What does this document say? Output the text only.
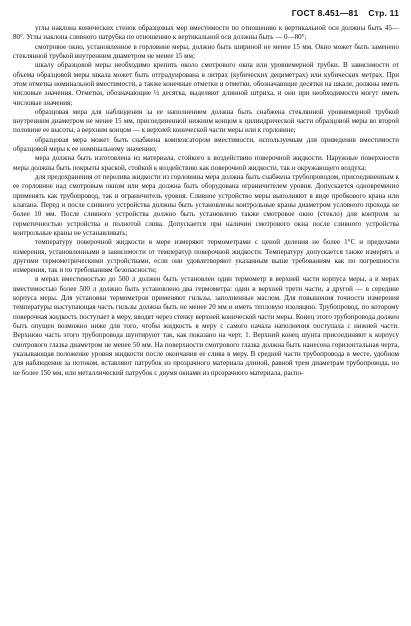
ГОСТ 8.451—81 Стр. 11

углы наклона конических стенок образцовых мер вместимости по отношению к вертикальной оси должны быть 45—80°. Углы наклона сливного патрубка по отношению к вертикальной оси должны быть — 0—80°;

смотровое окно, установленное в горловине меры, должно быть шириной не менее 15 мм. Окно может быть заменено стеклянной трубкой внутренним диаметром не менее 15 мм;

шкалу образцовой меры необходимо крепить около смотрового окна или уровнемерной трубки. В зависимости от объема образцовой меры шкала может быть отградуирована в литрах (кубических дециметрах) или кубических метрах. При этом отметка номинальной вместимости, а также конечные отметки и отметки, обозначающие десятки на шкале, должны иметь числовые значения. Отметки, обозначающие ½ десятка, выделяют длинной штриха, и они при необходимости могут иметь числовые значения;

образцовая мера для наблюдения за ее наполнением должна быть снабжена стеклянной уровнемерной трубкой внутренним диаметром не менее 15 мм, присоединенной нижним концом к цилиндрической части образцовой меры во второй половине ее высоты, а верхним концом — к верхней конической части меры или к горловине;

образцовая мера может быть снабжена компенсатором вместимости, используемым для приведения вместимости образцовой меры к ее номинальному значению;

мера должна быть изготовлена из материала, стойкого к воздействию поверочной жидкости. Наружные поверхности меры должны быть покрыты краской, стойкой к воздействию как поверочной жидкости, так и окружающего воздуха;

для предохранения от перелива жидкости из горловины мера должна быть снабжена трубопроводом, присоединенным к ее горловине над смотровым окном или мера должна быть оборудована ограничителем уровня. Допускается одновременно применять как трубопровод, так и ограничитель уровня. Сливное устройство меры выполняют в виде пробкового крана или клапана. Перед и после сливного устройства должны быть установлены контрольные краны диаметром условного прохода не более 10 мм. После сливного устройства должно быть установлено также смотровое окно (стекло) для контроля за герметичностью устройства и полнотой слива. Допускается при наличии смотрового окна после сливного устройства контрольные краны не устанавливать;

температуру поверочной жидкости в мере измеряют термометрами с ценой деления не более 1°С и пределами измерения, установленными в зависимости от температур поверочной жидкости. Температуру допускается также измерять и другими термометрическими устройствами, если они удовлетворяют указанным выше требованиям как по погрешности измерения, так и по требованиям безопасности;

в мерах вместимостью до 500 л должен быть установлен один термометр в верхней части корпуса меры, а в мерах вместимостью более 500 л должно быть установлено два термометра: один в верхней трети части, а другой — в середине корпуса меры. Для установки термометров применяют гильзы, заполненные маслом. Для повышения точности измерения температуры выступающая часть гильзы должна быть не менее 20 мм и иметь тепловую изоляцию. Трубопровод, по которому поверочная жидкость поступает в меру, вводят через стенку верхней конической части меры. Конец этого трубопровода должен быть опущен возможно ниже для того, чтобы жидкость в меру с самого начала наполнения поступала с нижней части. Верхнюю часть этого трубопровода шунтируют так, как показано на черт. 1. Верхний конец шунта присоединяют к корпусу смотрового глазка диаметром не менее 50 мм. На поверхности смотрового глазка должна быть нанесена горизонтальная черта, указывающая положение уровня жидкости после окончания ее слива в меру. В средней части трубопровода в месте, удобном для наблюдения за потоком, вставляют патрубок из прозрачного материала длиной, равной трем диаметрам трубопровода, но не более 150 мм, или металлический патрубок с двумя окнами из прозрачного материала, распо-
